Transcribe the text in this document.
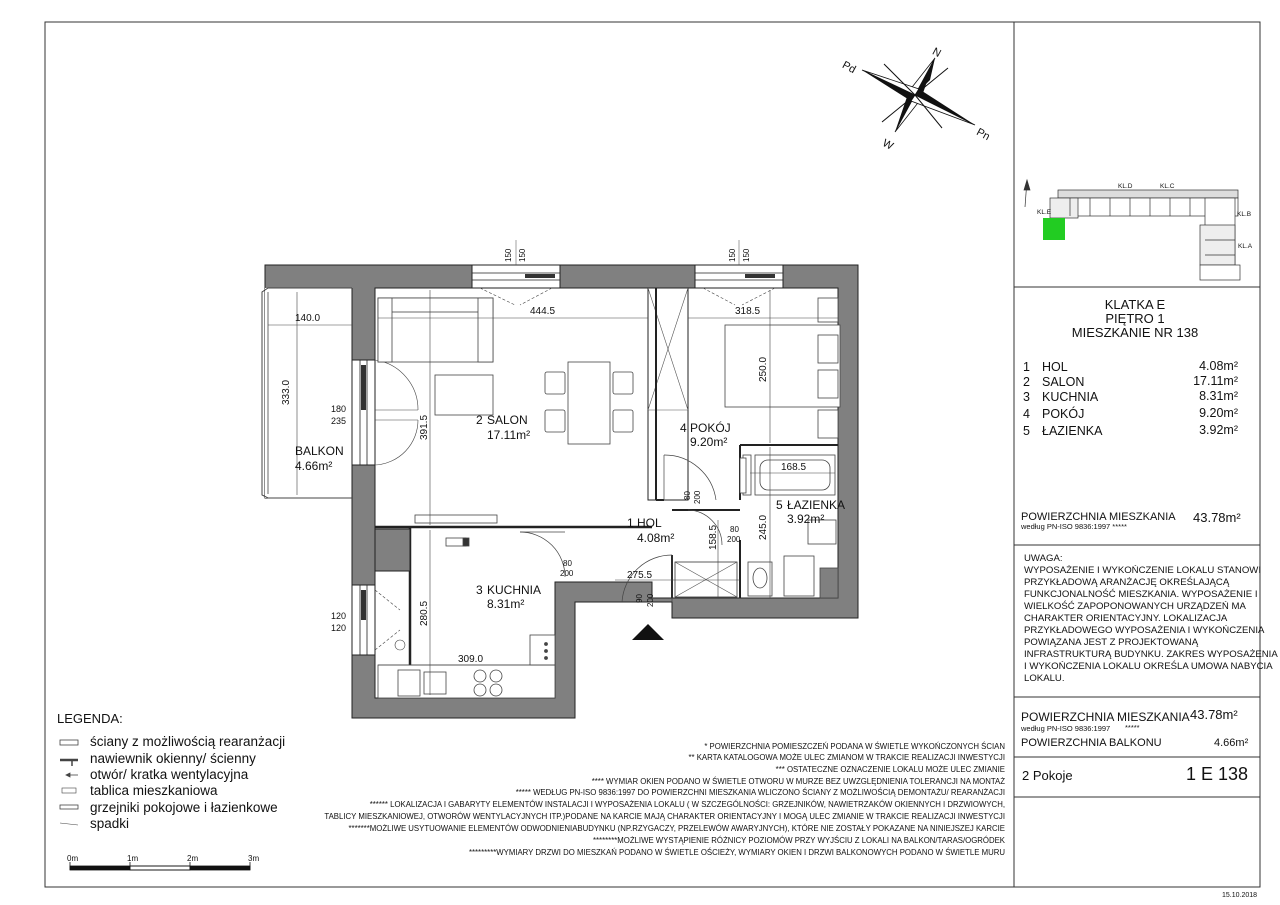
N
Pd
W
Pn
KL.D	KL.C
KL.E	KL.B
KL.A
140.0
444.5	318.5
333.0
391.5
250.0
168.5
245.0
158.5
275.5
280.5
309.0
150 150	150 150
180
235
120
120
80 200
80
200
80
200
90 200
2 SALON
17.11m²	4 POKÓJ
9.20m²
1 HOL
4.08m²
3 KUCHNIA
8.31m²
5 ŁAZIENKA
3.92m²
BALKON
4.66m²
0m	1m	2m	3m
15.10.2018
KLATKA E
PIĘTRO 1
MIESZKANIE NR 138
1 HOL	4.08m²
2 SALON	17.11m²
3 KUCHNIA	8.31m²
4 POKÓJ	9.20m²
5 ŁAZIENKA	3.92m²
POWIERZCHNIA MIESZKANIA
według PN-ISO 9836:1997 *****
43.78m²
UWAGA:
WYPOSAŻENIE I WYKOŃCZENIE LOKALU STANOWI
PRZYKŁADOWĄ ARANŻACJĘ OKREŚLAJĄCĄ
FUNKCJONALNOŚĆ MIESZKANIA. WYPOSAŻENIE I
WIELKOŚĆ ZAPOPONOWANYCH URZĄDZEŃ MA
CHARAKTER ORIENTACYJNY. LOKALIZACJA
PRZYKŁADOWEGO WYPOSAŻENIA I WYKOŃCZENIA
POWIĄZANA JEST Z PROJEKTOWANĄ
INFRASTRUKTURĄ BUDYNKU. ZAKRES WYPOSAŻENIA
I WYKOŃCZENIA LOKALU OKREŚLA UMOWA NABYCIA
LOKALU.
POWIERZCHNIA MIESZKANIA 43.78m²
według PN-ISO 9836:1997 *****
POWIERZCHNIA BALKONU	4.66m²
2 Pokoje	1 E 138
LEGENDA:
ściany z możliwością rearanżacji
nawiewnik okienny/ ścienny
otwór/ kratka wentylacyjna
tablica mieszkaniowa
grzejniki pokojowe i łazienkowe
spadki
* POWIERZCHNIA POMIESZCZEŃ PODANA W ŚWIETLE WYKOŃCZONYCH ŚCIAN
** KARTA KATALOGOWA MOŻE ULEC ZMIANOM W TRAKCIE REALIZACJI INWESTYCJI
*** OSTATECZNE OZNACZENIE LOKALU MOŻE ULEC ZMIANIE
**** WYMIAR OKIEN PODANO W ŚWIETLE OTWORU W MURZE BEZ UWZGLĘDNIENIA TOLERANCJI NA MONTAŻ
***** WEDŁUG PN-ISO 9836:1997 DO POWIERZCHNI MIESZKANIA WLICZONO ŚCIANY Z MOŻLIWOŚCIĄ DEMONTAŻU/ REARANŻACJI
****** LOKALIZACJA I GABARYTY ELEMENTÓW INSTALACJI I WYPOSAŻENIA LOKALU ( W SZCZEGÓLNOŚCI: GRZEJNIKÓW, NAWIETRZAKÓW OKIENNYCH I DRZWIOWYCH,
TABLICY MIESZKANIOWEJ, OTWORÓW WENTYLACYJNYCH ITP.)PODANE NA KARCIE MAJĄ CHARAKTER ORIENTACYJNY I MOGĄ ULEC ZMIANIE W TRAKCIE REALIZACJI INWESTYCJI
*******MOŻLIWE USYTUOWANIE ELEMENTÓW ODWODNIENIABUDYNKU (NP.RZYGACZY, PRZELEWÓW AWARYJNYCH), KTÓRE NIE ZOSTAŁY POKAZANE NA NINIEJSZEJ KARCIE
********MOŻLIWE WYSTĄPIENIE RÓŻNICY POZIOMÓW PRZY WYJŚCIU Z LOKALI NA BALKON/TARAS/OGRÓDEK
*********WYMIARY DRZWI DO MIESZKAŃ PODANO W ŚWIETLE OŚCIEŻY, WYMIARY OKIEN I DRZWI BALKONOWYCH PODANO W ŚWIETLE MURU
